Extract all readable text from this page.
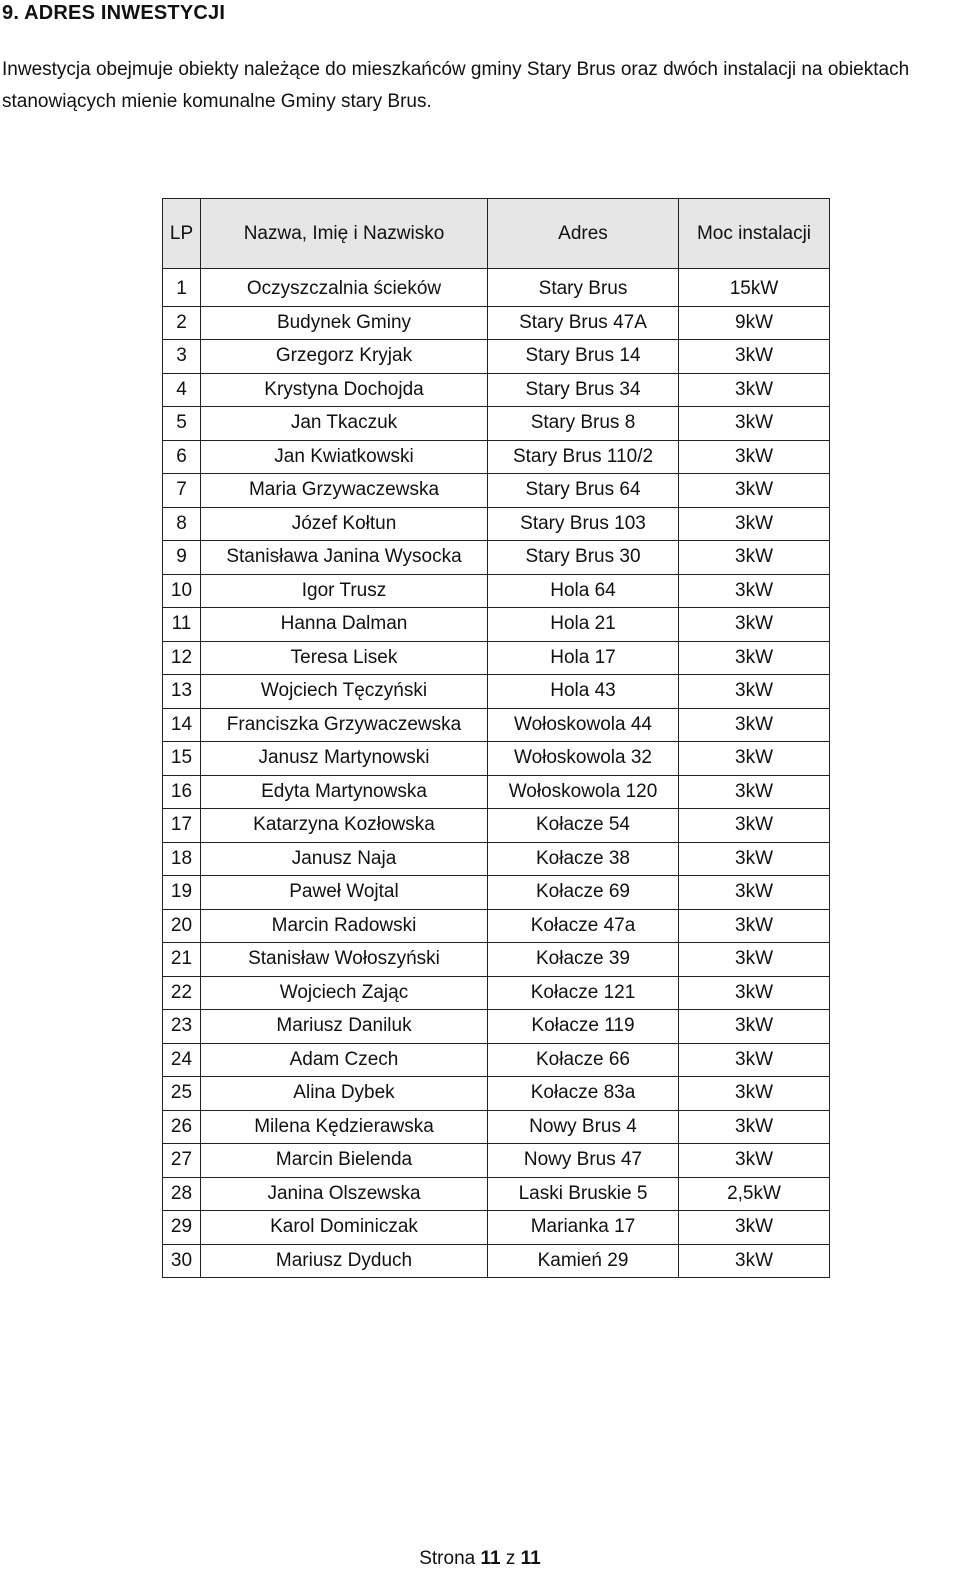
9. ADRES INWESTYCJI
Inwestycja obejmuje obiekty należące do mieszkańców gminy Stary Brus oraz dwóch instalacji na obiektach stanowiących mienie komunalne Gminy stary Brus.
LP	Nazwa, Imię i Nazwisko	Adres	Moc instalacji
1	Oczyszczalnia ścieków	Stary Brus	15kW
2	Budynek Gminy	Stary Brus 47A	9kW
3	Grzegorz Kryjak	Stary Brus 14	3kW
4	Krystyna Dochojda	Stary Brus 34	3kW
5	Jan Tkaczuk	Stary Brus 8	3kW
6	Jan Kwiatkowski	Stary Brus 110/2	3kW
7	Maria Grzywaczewska	Stary Brus 64	3kW
8	Józef Kołtun	Stary Brus 103	3kW
9	Stanisława Janina Wysocka	Stary Brus 30	3kW
10	Igor Trusz	Hola 64	3kW
11	Hanna Dalman	Hola 21	3kW
12	Teresa Lisek	Hola 17	3kW
13	Wojciech Tęczyński	Hola 43	3kW
14	Franciszka Grzywaczewska	Wołoskowola 44	3kW
15	Janusz Martynowski	Wołoskowola 32	3kW
16	Edyta Martynowska	Wołoskowola 120	3kW
17	Katarzyna Kozłowska	Kołacze 54	3kW
18	Janusz Naja	Kołacze 38	3kW
19	Paweł Wojtal	Kołacze 69	3kW
20	Marcin Radowski	Kołacze 47a	3kW
21	Stanisław Wołoszyński	Kołacze 39	3kW
22	Wojciech Zając	Kołacze 121	3kW
23	Mariusz Daniluk	Kołacze 119	3kW
24	Adam Czech	Kołacze 66	3kW
25	Alina Dybek	Kołacze 83a	3kW
26	Milena Kędzierawska	Nowy Brus 4	3kW
27	Marcin Bielenda	Nowy Brus 47	3kW
28	Janina Olszewska	Laski Bruskie 5	2,5kW
29	Karol Dominiczak	Marianka 17	3kW
30	Mariusz Dyduch	Kamień 29	3kW
Strona 11 z 11
